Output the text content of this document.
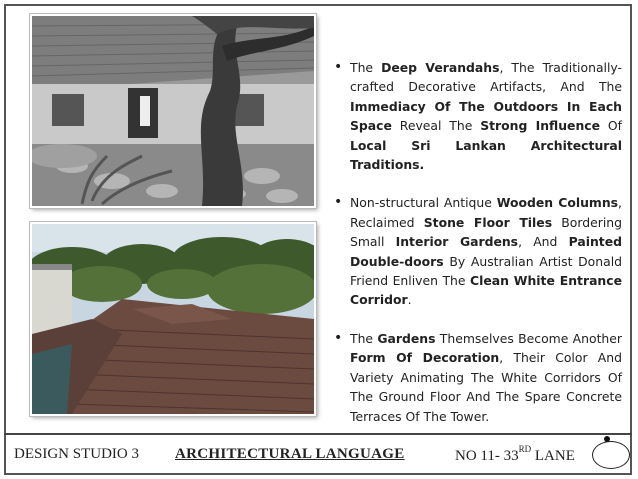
• The Deep Verandahs, The Traditionally-crafted Decorative Artifacts, And The Immediacy Of The Outdoors In Each Space Reveal The Strong Influence Of Local Sri Lankan Architectural Traditions.
• Non-structural Antique Wooden Columns, Reclaimed Stone Floor Tiles Bordering Small Interior Gardens, And Painted Double-doors By Australian Artist Donald Friend Enliven The Clean White Entrance Corridor.
• The Gardens Themselves Become Another Form Of Decoration, Their Color And Variety Animating The White Corridors Of The Ground Floor And The Spare Concrete Terraces Of The Tower.
DESIGN STUDIO 3 ARCHITECTURAL LANGUAGE	NO 11- 33RD LANE
